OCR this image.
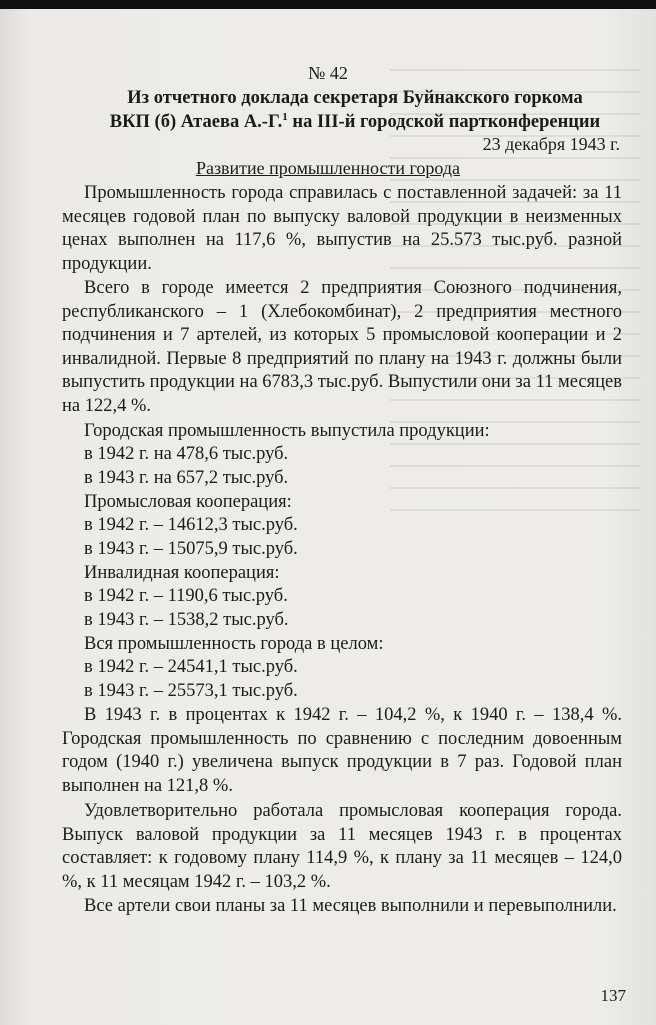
№ 42
Из отчетного доклада секретаря Буйнакского горкома
ВКП (б) Атаева А.-Г.$^1$ на III-й городской партконференции
23 декабря 1943 г.
Развитие промышленности города
Промышленность города справилась с поставленной задачей: за 11 месяцев годовой план по выпуску валовой продукции в неизменных ценах выполнен на 117,6 %, выпустив на 25.573 тыс.руб. разной продукции.
Всего в городе имеется 2 предприятия Союзного подчинения, республиканского – 1 (Хлебокомбинат), 2 предприятия местного подчинения и 7 артелей, из которых 5 промысловой кооперации и 2 инвалидной. Первые 8 предприятий по плану на 1943 г. должны были выпустить продукции на 6783,3 тыс.руб. Выпустили они за 11 месяцев на 122,4 %.
Городская промышленность выпустила продукции:
в 1942 г. на 478,6 тыс.руб.
в 1943 г. на 657,2 тыс.руб.
Промысловая кооперация:
в 1942 г. – 14612,3 тыс.руб.
в 1943 г. – 15075,9 тыс.руб.
Инвалидная кооперация:
в 1942 г. – 1190,6 тыс.руб.
в 1943 г. – 1538,2 тыс.руб.
Вся промышленность города в целом:
в 1942 г. – 24541,1 тыс.руб.
в 1943 г. – 25573,1 тыс.руб.
В 1943 г. в процентах к 1942 г. – 104,2 %, к 1940 г. – 138,4 %. Городская промышленность по сравнению с последним довоенным годом (1940 г.) увеличена выпуск продукции в 7 раз. Годовой план выполнен на 121,8 %.
Удовлетворительно работала промысловая кооперация города. Выпуск валовой продукции за 11 месяцев 1943 г. в процентах составляет: к годовому плану 114,9 %, к плану за 11 месяцев – 124,0 %, к 11 месяцам 1942 г. – 103,2 %.
Все артели свои планы за 11 месяцев выполнили и перевыполнили.
137
